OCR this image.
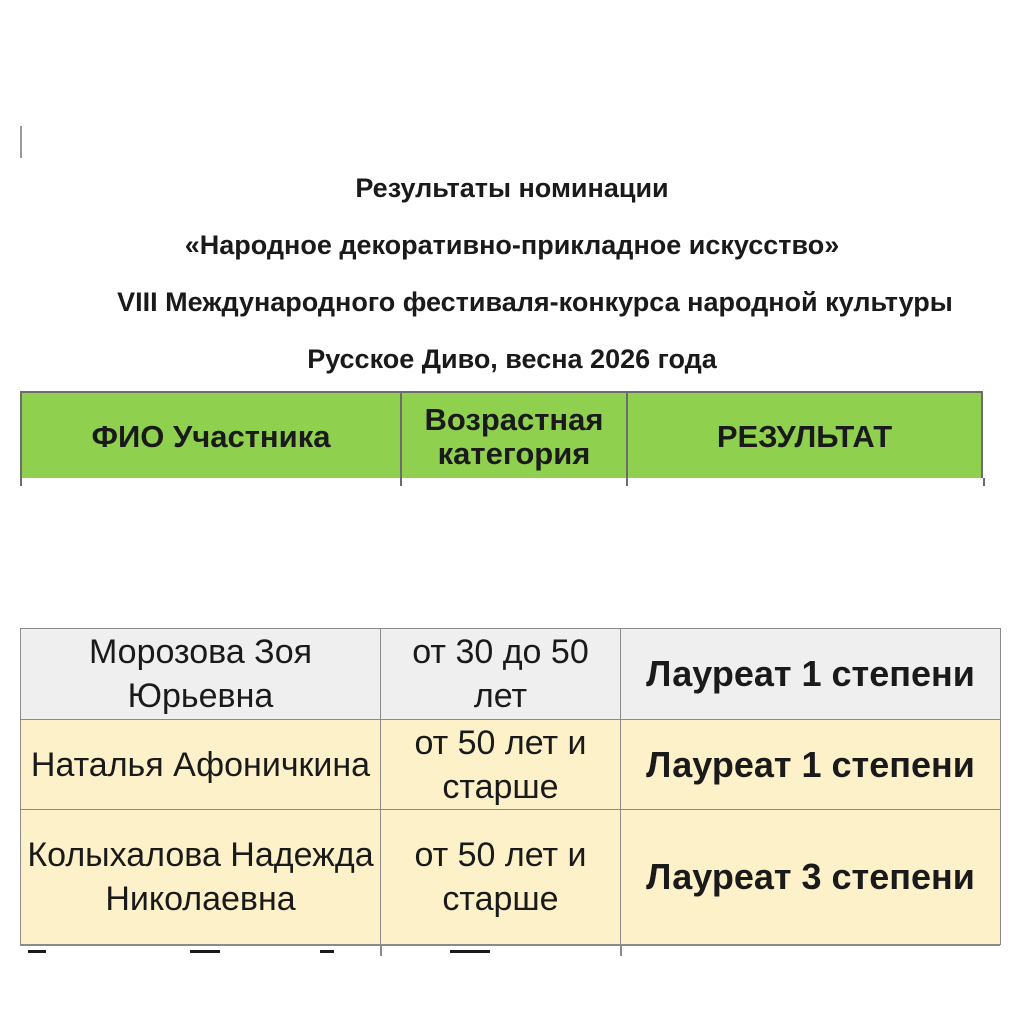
Результаты номинации
«Народное декоративно-прикладное искусство»
VIII Международного фестиваля-конкурса народной культуры
Русское Диво, весна 2026 года
ФИО Участника	Возрастная категория	РЕЗУЛЬТАТ
Морозова Зоя Юрьевна	от 30 до 50 лет	Лауреат 1 степени
Наталья Афоничкина	от 50 лет и старше	Лауреат 1 степени
Колыхалова Надежда Николаевна	от 50 лет и старше	Лауреат 3 степени
